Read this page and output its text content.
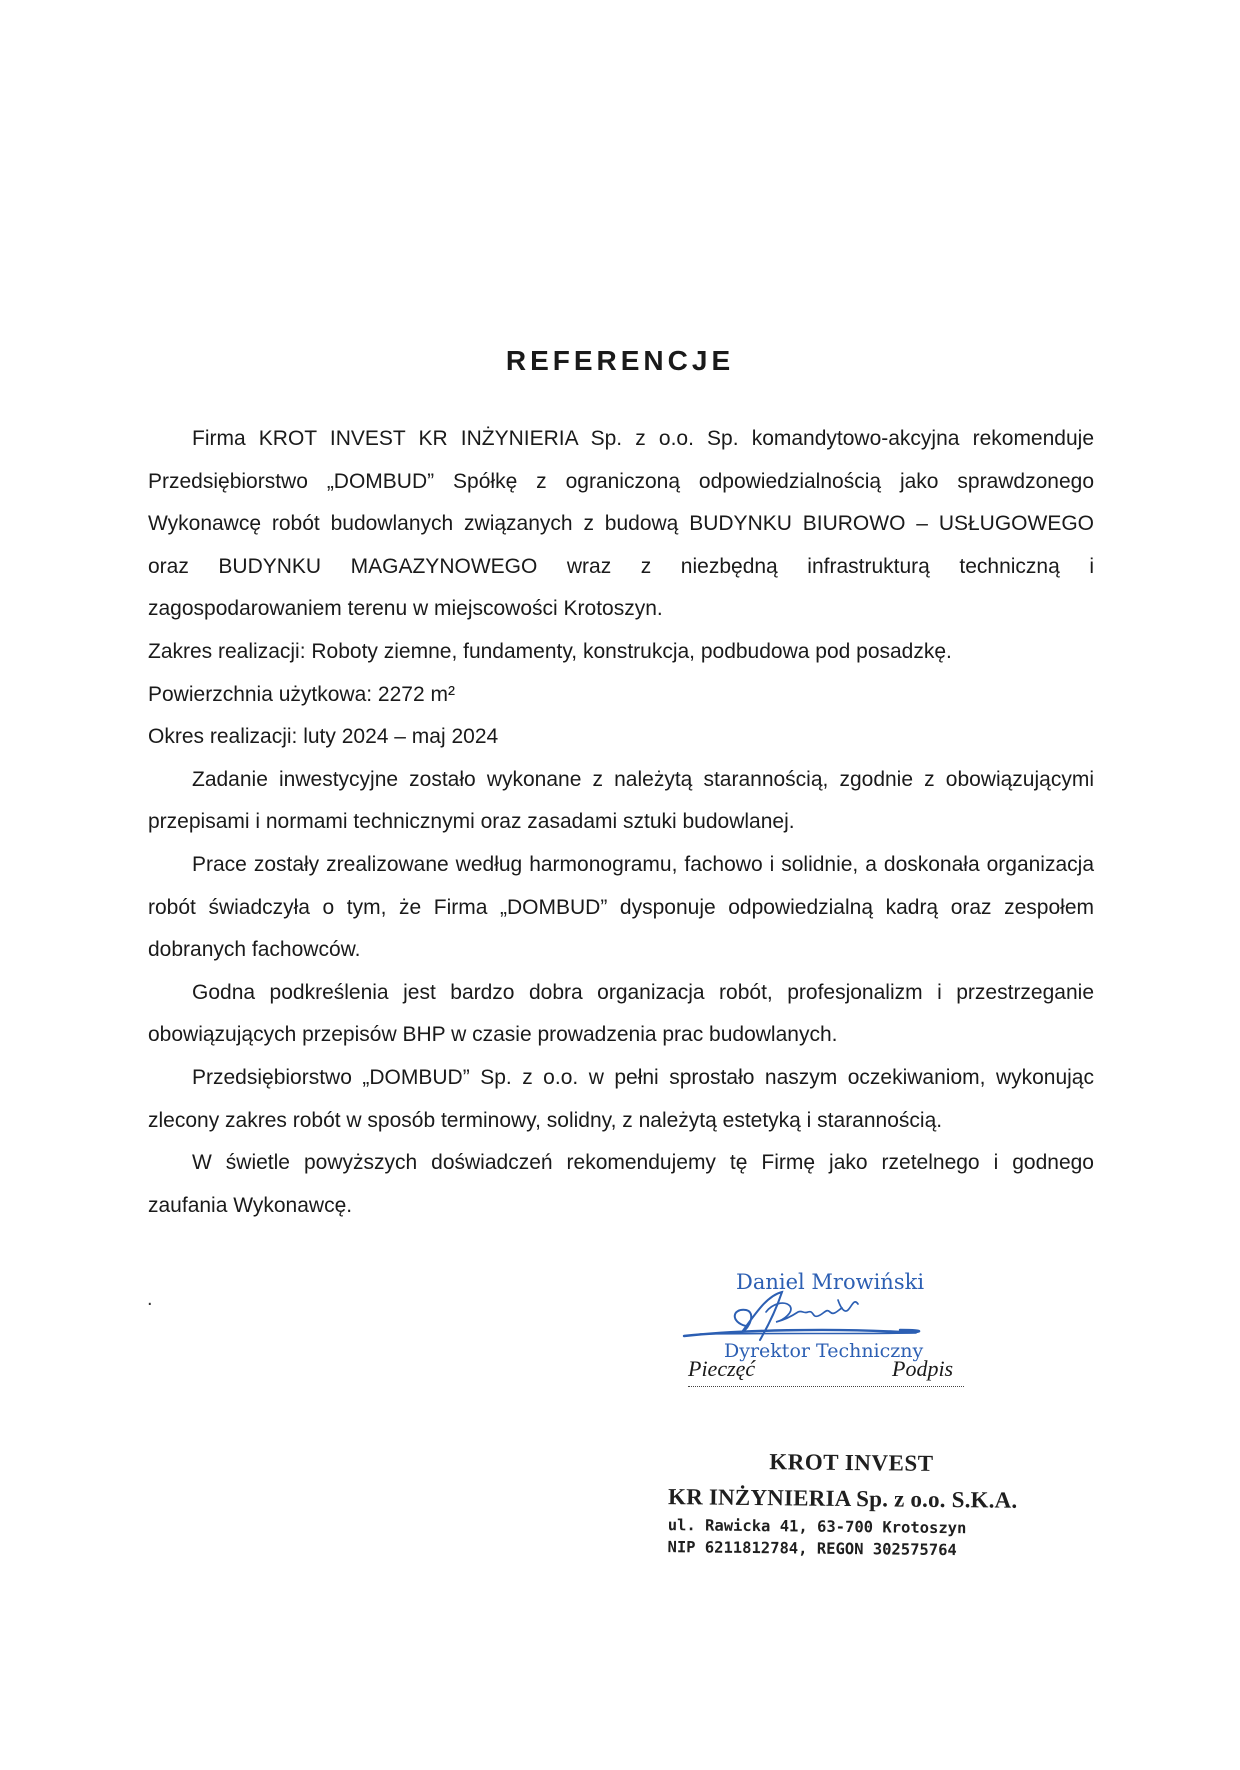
REFERENCJE

Firma KROT INVEST KR INŻYNIERIA Sp. z o.o. Sp. komandytowo-akcyjna rekomenduje Przedsiębiorstwo „DOMBUD” Spółkę z ograniczoną odpowiedzialnością jako sprawdzonego Wykonawcę robót budowlanych związanych z budową BUDYNKU BIUROWO – USŁUGOWEGO oraz BUDYNKU MAGAZYNOWEGO wraz z niezbędną infrastrukturą techniczną i zagospodarowaniem terenu w miejscowości Krotoszyn.

Zakres realizacji: Roboty ziemne, fundamenty, konstrukcja, podbudowa pod posadzkę.

Powierzchnia użytkowa: 2272 m²

Okres realizacji: luty 2024 – maj 2024

Zadanie inwestycyjne zostało wykonane z należytą starannością, zgodnie z obowiązującymi przepisami i normami technicznymi oraz zasadami sztuki budowlanej.

Prace zostały zrealizowane według harmonogramu, fachowo i solidnie, a doskonała organizacja robót świadczyła o tym, że Firma „DOMBUD” dysponuje odpowiedzialną kadrą oraz zespołem dobranych fachowców.

Godna podkreślenia jest bardzo dobra organizacja robót, profesjonalizm i przestrzeganie obowiązujących przepisów BHP w czasie prowadzenia prac budowlanych.

Przedsiębiorstwo „DOMBUD” Sp. z o.o. w pełni sprostało naszym oczekiwaniom, wykonując zlecony zakres robót w sposób terminowy, solidny, z należytą estetyką i starannością.

W świetle powyższych doświadczeń rekomendujemy tę Firmę jako rzetelnego i godnego zaufania Wykonawcę.

.
Daniel Mrowiński
Dyrektor Techniczny
Pieczęć	Podpis
KROT INVEST
KR INŻYNIERIA Sp. z o.o. S.K.A.
ul. Rawicka 41, 63-700 Krotoszyn
NIP 6211812784, REGON 302575764
